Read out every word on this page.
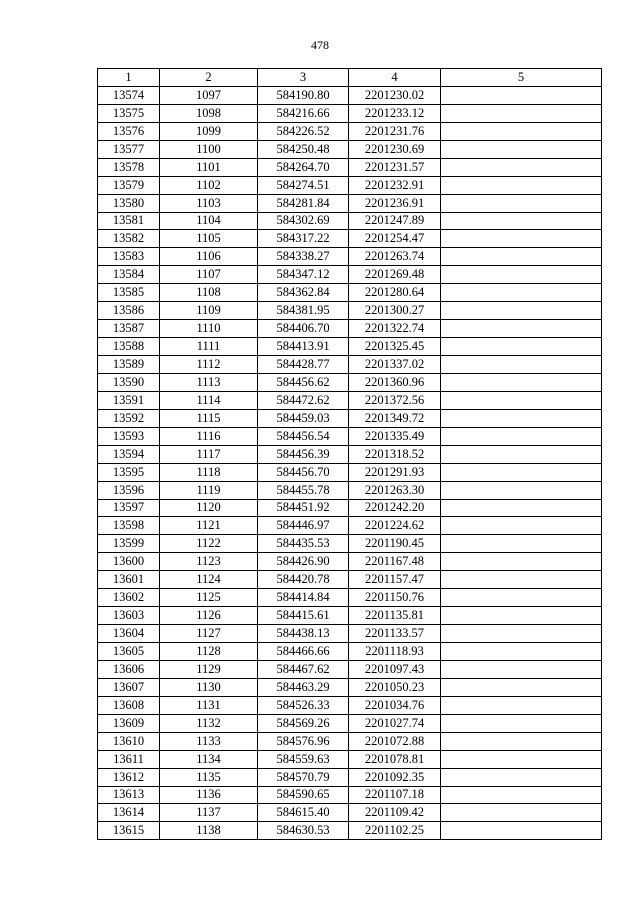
478
1	2	3	4	5
13574	1097	584190.80	2201230.02	
13575	1098	584216.66	2201233.12	
13576	1099	584226.52	2201231.76	
13577	1100	584250.48	2201230.69	
13578	1101	584264.70	2201231.57	
13579	1102	584274.51	2201232.91	
13580	1103	584281.84	2201236.91	
13581	1104	584302.69	2201247.89	
13582	1105	584317.22	2201254.47	
13583	1106	584338.27	2201263.74	
13584	1107	584347.12	2201269.48	
13585	1108	584362.84	2201280.64	
13586	1109	584381.95	2201300.27	
13587	1110	584406.70	2201322.74	
13588	1111	584413.91	2201325.45	
13589	1112	584428.77	2201337.02	
13590	1113	584456.62	2201360.96	
13591	1114	584472.62	2201372.56	
13592	1115	584459.03	2201349.72	
13593	1116	584456.54	2201335.49	
13594	1117	584456.39	2201318.52	
13595	1118	584456.70	2201291.93	
13596	1119	584455.78	2201263.30	
13597	1120	584451.92	2201242.20	
13598	1121	584446.97	2201224.62	
13599	1122	584435.53	2201190.45	
13600	1123	584426.90	2201167.48	
13601	1124	584420.78	2201157.47	
13602	1125	584414.84	2201150.76	
13603	1126	584415.61	2201135.81	
13604	1127	584438.13	2201133.57	
13605	1128	584466.66	2201118.93	
13606	1129	584467.62	2201097.43	
13607	1130	584463.29	2201050.23	
13608	1131	584526.33	2201034.76	
13609	1132	584569.26	2201027.74	
13610	1133	584576.96	2201072.88	
13611	1134	584559.63	2201078.81	
13612	1135	584570.79	2201092.35	
13613	1136	584590.65	2201107.18	
13614	1137	584615.40	2201109.42	
13615	1138	584630.53	2201102.25	
